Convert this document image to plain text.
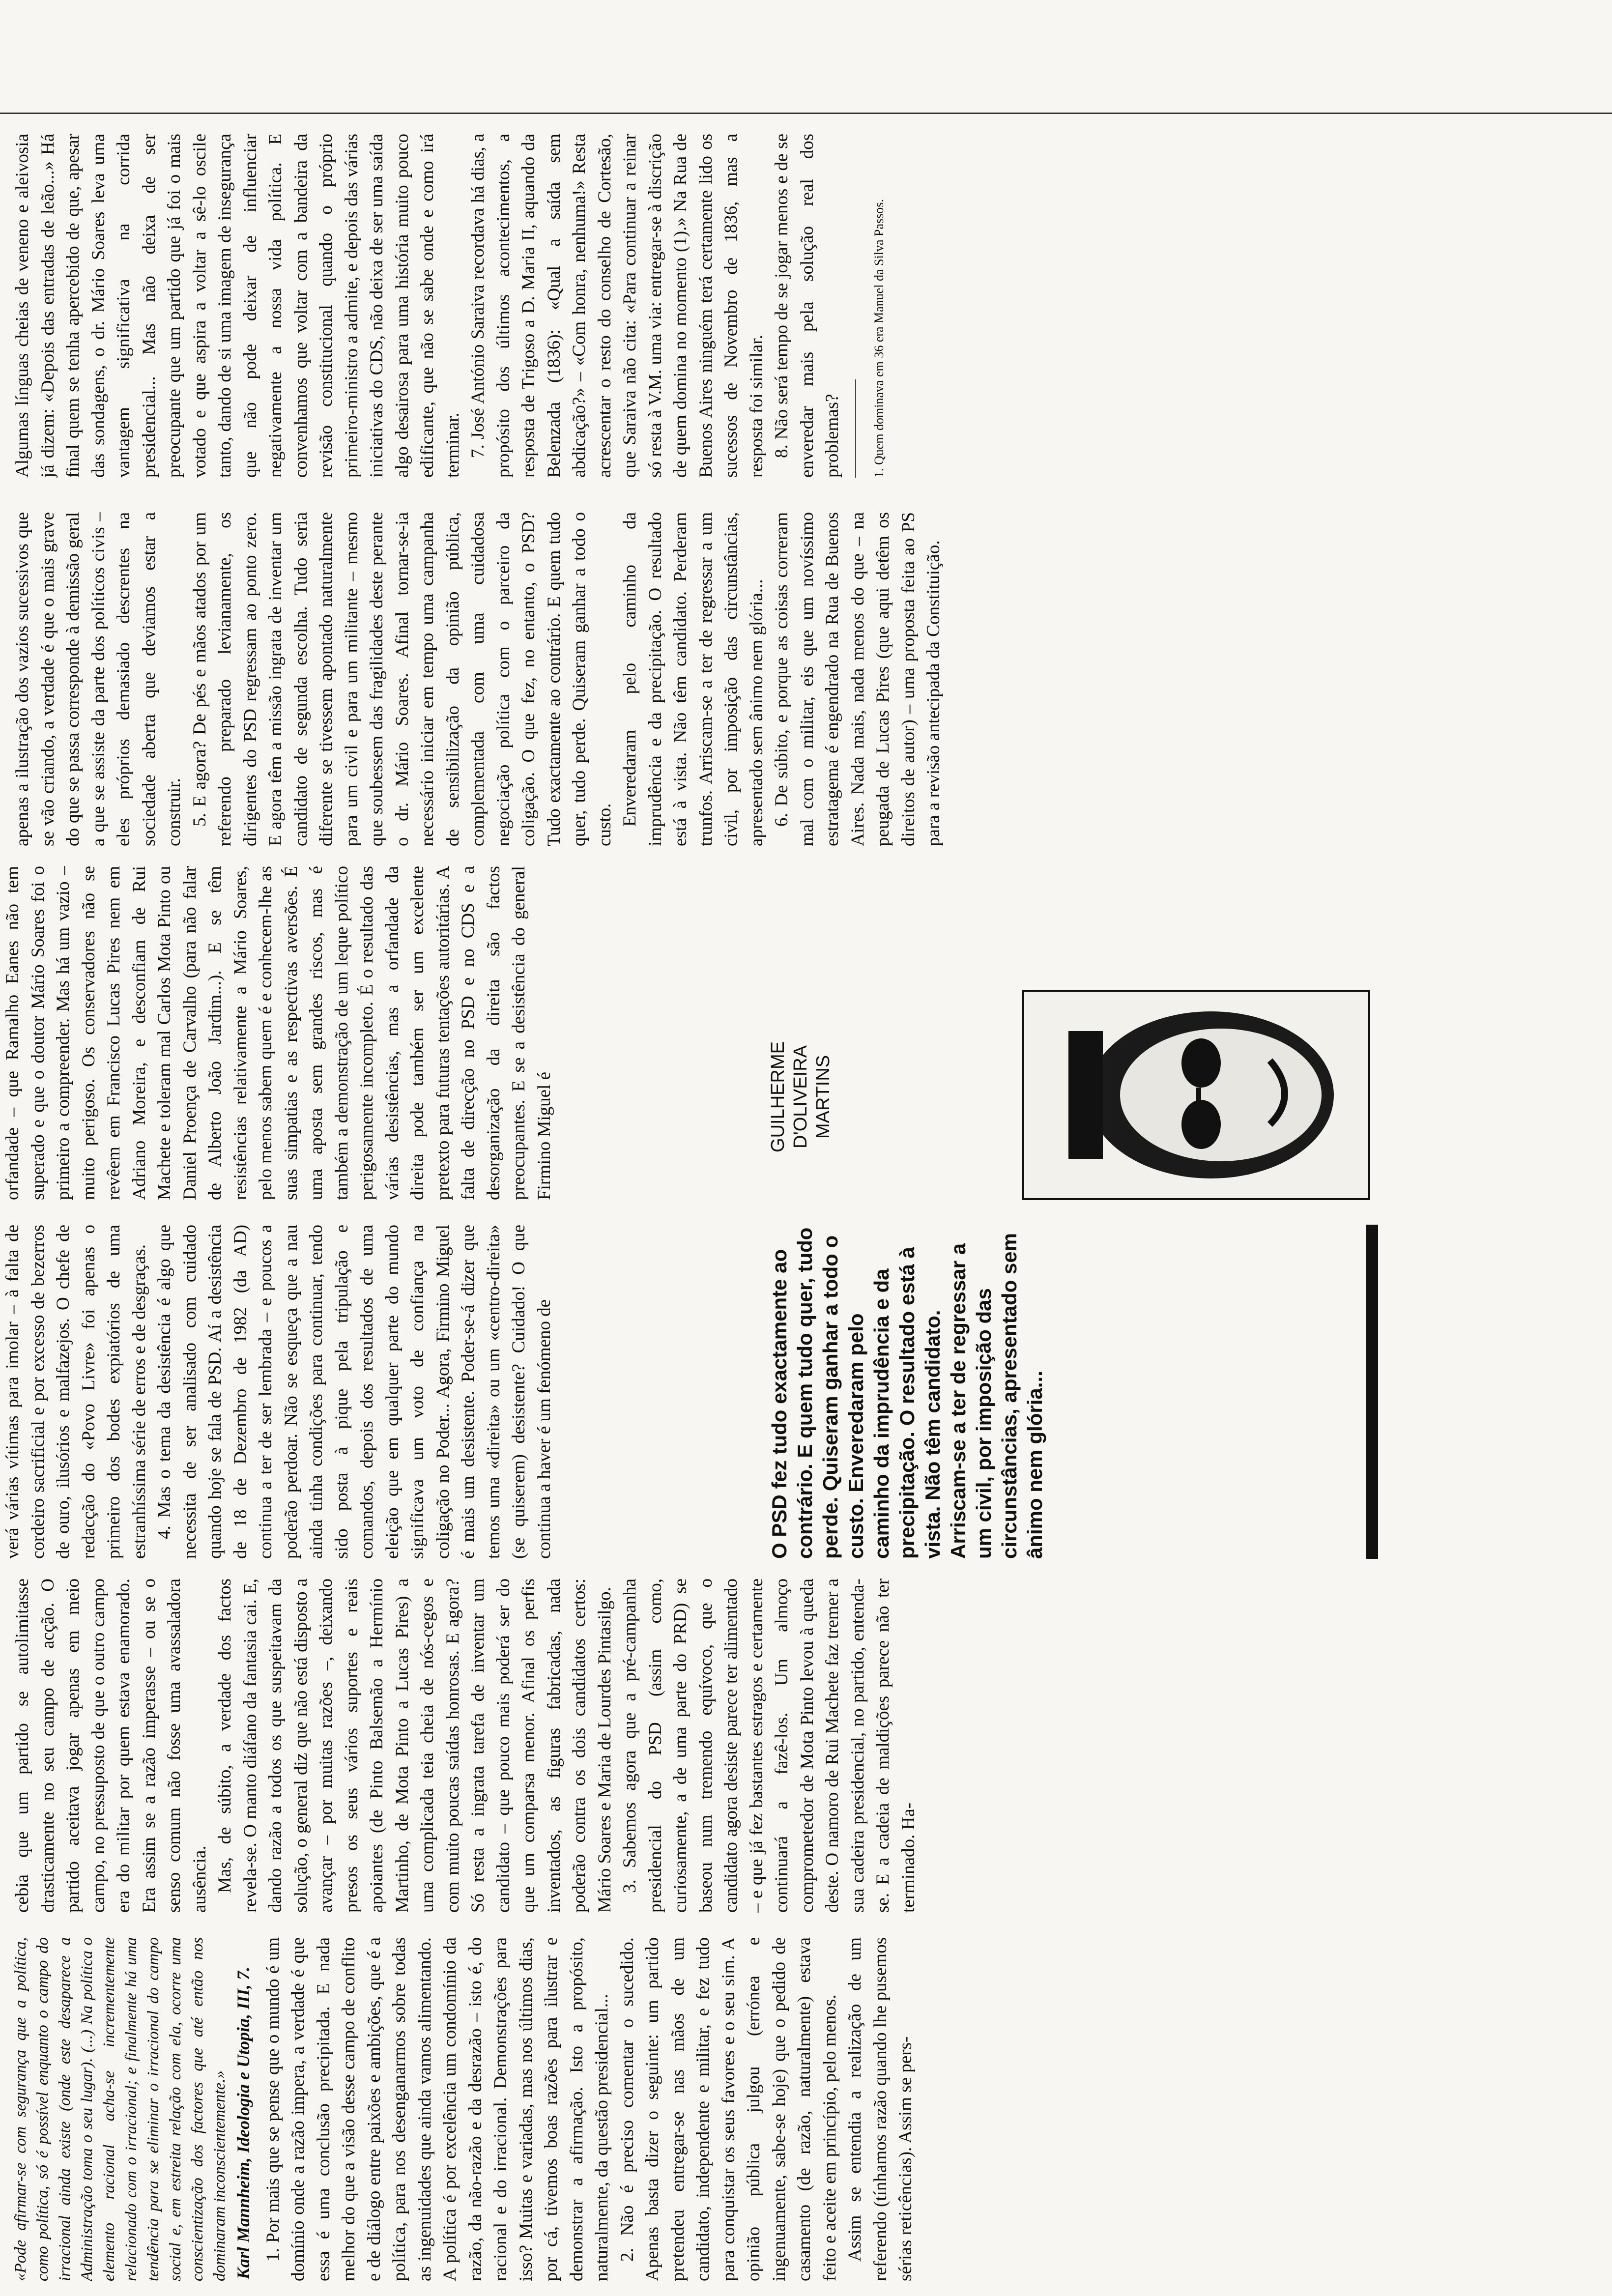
«Pode afirmar-se com segurança que a política, como política, só é possível enquanto o campo do irracional ainda existe (onde este desaparece a Administração toma o seu lugar). (...) Na política o elemento racional acha-se incrementemente relacionado com o irracional; e finalmente há uma tendência para se eliminar o irracional do campo social e, em estreita relação com ela, ocorre uma conscientização dos factores que até então nos dominaram inconscientemente.» Karl Mannheim, Ideologia e Utopia, III, 7. 1. Por mais que se pense que o mundo é um domínio onde a razão impera, a verdade é que essa é uma conclusão precipitada. E nada melhor do que a visão desse campo de conflito e de diálogo entre paixões e ambições, que é a política, para nos desenganarmos sobre todas as ingenuidades que ainda vamos alimentando. A política é por excelência um condomínio da razão, da não-razão e da desrazão – isto é, do racional e do irracional. Demonstrações para isso? Muitas e variadas, mas nos últimos dias, por cá, tivemos boas razões para ilustrar e demonstrar a afirmação. Isto a propósito, naturalmente, da questão presidencial... 2. Não é preciso comentar o sucedido. Apenas basta dizer o seguinte: um partido pretendeu entregar-se nas mãos de um candidato, independente e militar, e fez tudo para conquistar os seus favores e o seu sim. A opinião pública julgou (errónea e ingenuamente, sabe-se hoje) que o pedido de casamento (de razão, naturalmente) estava feito e aceite em princípio, pelo menos. Assim se entendia a realização de um referendo (tínhamos razão quando lhe pusemos sérias reticências). Assim se pers-

cebia que um partido se autolimitasse drasticamente no seu campo de acção. O partido aceitava jogar apenas em meio campo, no pressuposto de que o outro campo era do militar por quem estava enamorado. Era assim se a razão imperasse – ou se o senso comum não fosse uma avassaladora ausência. Mas, de súbito, a verdade dos factos revela-se. O manto diáfano da fantasia cai. E, dando razão a todos os que suspeitavam da solução, o general diz que não está disposto a avançar – por muitas razões –, deixando presos os seus vários suportes e reais apoiantes (de Pinto Balsemão a Hermínio Martinho, de Mota Pinto a Lucas Pires) a uma complicada teia cheia de nós-cegos e com muito poucas saídas honrosas. E agora? Só resta a ingrata tarefa de inventar um candidato – que pouco mais poderá ser do que um comparsa menor. Afinal os perfis inventados, as figuras fabricadas, nada poderão contra os dois candidatos certos: Mário Soares e Maria de Lourdes Pintasilgo. 3. Sabemos agora que a pré-campanha presidencial do PSD (assim como, curiosamente, a de uma parte do PRD) se baseou num tremendo equívoco, que o candidato agora desiste parece ter alimentado – e que já fez bastantes estragos e certamente continuará a fazê-los. Um almoço comprometedor de Mota Pinto levou à queda deste. O namoro de Rui Machete faz tremer a sua cadeira presidencial, no partido, entenda-se. E a cadeia de maldições parece não ter terminado. Ha-

O PSD fez tudo exactamente ao contrário. E quem tudo quer, tudo perde. Quiseram ganhar a todo o custo. Enveredaram pelo caminho da imprudência e da precipitação. O resultado está à vista. Não têm candidato. Arriscam-se a ter de regressar a um civil, por imposição das circunstâncias, apresentado sem ânimo nem glória...

verá várias vítimas para imolar – à falta de cordeiro sacrificial e por excesso de bezerros de ouro, ilusórios e malfazejos. O chefe de redacção do «Povo Livre» foi apenas o primeiro dos bodes expiatórios de uma estranhíssima série de erros e de desgraças. 4. Mas o tema da desistência é algo que necessita de ser analisado com cuidado quando hoje se fala de PSD. Aí a desistência de 18 de Dezembro de 1982 (da AD) continua a ter de ser lembrada – e poucos a poderão perdoar. Não se esqueça que a nau ainda tinha condições para continuar, tendo sido posta à pique pela tripulação e comandos, depois dos resultados de uma eleição que em qualquer parte do mundo significava um voto de confiança na coligação no Poder... Agora, Firmino Miguel é mais um desistente. Poder-se-á dizer que temos uma «direita» ou um «centro-direita» (se quiserem) desistente? Cuidado! O que continua a haver é um fenómeno de

GUILHERME D'OLIVEIRA MARTINS

orfandade – que Ramalho Eanes não tem superado e que o doutor Mário Soares foi o primeiro a compreender. Mas há um vazio – muito perigoso. Os conservadores não se revêem em Francisco Lucas Pires nem em Adriano Moreira, e desconfiam de Rui Machete e toleram mal Carlos Mota Pinto ou Daniel Proença de Carvalho (para não falar de Alberto João Jardim...). E se têm resistências relativamente a Mário Soares, pelo menos sabem quem é e conhecem-lhe as suas simpatias e as respectivas aversões. É uma aposta sem grandes riscos, mas é também a demonstração de um leque político perigosamente incompleto. É o resultado das várias desistências, mas a orfandade da direita pode também ser um excelente pretexto para futuras tentações autoritárias. A falta de direcção no PSD e no CDS e a desorganização da direita são factos preocupantes. E se a desistência do general Firmino Miguel é

apenas a ilustração dos vazios sucessivos que se vão criando, a verdade é que o mais grave do que se passa corresponde à demissão geral a que se assiste da parte dos políticos civis – eles próprios demasiado descrentes na sociedade aberta que deviamos estar a construir. 5. E agora? De pés e mãos atados por um referendo preparado levianamente, os dirigentes do PSD regressam ao ponto zero. E agora têm a missão ingrata de inventar um candidato de segunda escolha. Tudo seria diferente se tivessem apontado naturalmente para um civil e para um militante – mesmo que soubessem das fragilidades deste perante o dr. Mário Soares. Afinal tornar-se-ia necessário iniciar em tempo uma campanha de sensibilização da opinião pública, complementada com uma cuidadosa negociação política com o parceiro da coligação. O que fez, no entanto, o PSD? Tudo exactamente ao contrário. E quem tudo quer, tudo perde. Quiseram ganhar a todo o custo. Enveredaram pelo caminho da imprudência e da precipitação. O resultado está à vista. Não têm candidato. Perderam trunfos. Arriscam-se a ter de regressar a um civil, por imposição das circunstâncias, apresentado sem ânimo nem glória... 6. De súbito, e porque as coisas correram mal com o militar, eis que um novíssimo estratagema é engendrado na Rua de Buenos Aires. Nada mais, nada menos do que – na peugada de Lucas Pires (que aqui detêm os direitos de autor) – uma proposta feita ao PS para a revisão antecipada da Constituição.

Algumas línguas cheias de veneno e aleivosia já dizem: «Depois das entradas de leão...» Há final quem se tenha apercebido de que, apesar das sondagens, o dr. Mário Soares leva uma vantagem significativa na corrida presidencial... Mas não deixa de ser preocupante que um partido que já foi o mais votado e que aspira a voltar a sê-lo oscile tanto, dando de si uma imagem de insegurança que não pode deixar de influenciar negativamente a nossa vida política. E convenhamos que voltar com a bandeira da revisão constitucional quando o próprio primeiro-ministro a admite, e depois das várias iniciativas do CDS, não deixa de ser uma saída algo desairosa para uma história muito pouco edificante, que não se sabe onde e como irá terminar. 7. José António Saraiva recordava há dias, a propósito dos últimos acontecimentos, a resposta de Trigoso a D. Maria II, aquando da Belenzada (1836): «Qual a saída sem abdicação?» – «Com honra, nenhuma!» Resta acrescentar o resto do conselho de Cortesão, que Saraiva não cita: «Para continuar a reinar só resta à V.M. uma via: entregar-se à discrição de quem domina no momento (1).» Na Rua de Buenos Aires ninguém terá certamente lido os sucessos de Novembro de 1836, mas a resposta foi similar. 8. Não será tempo de se jogar menos e de se enveredar mais pela solução real dos problemas? 1. Quem dominava em 36 era Manuel da Silva Passos.
